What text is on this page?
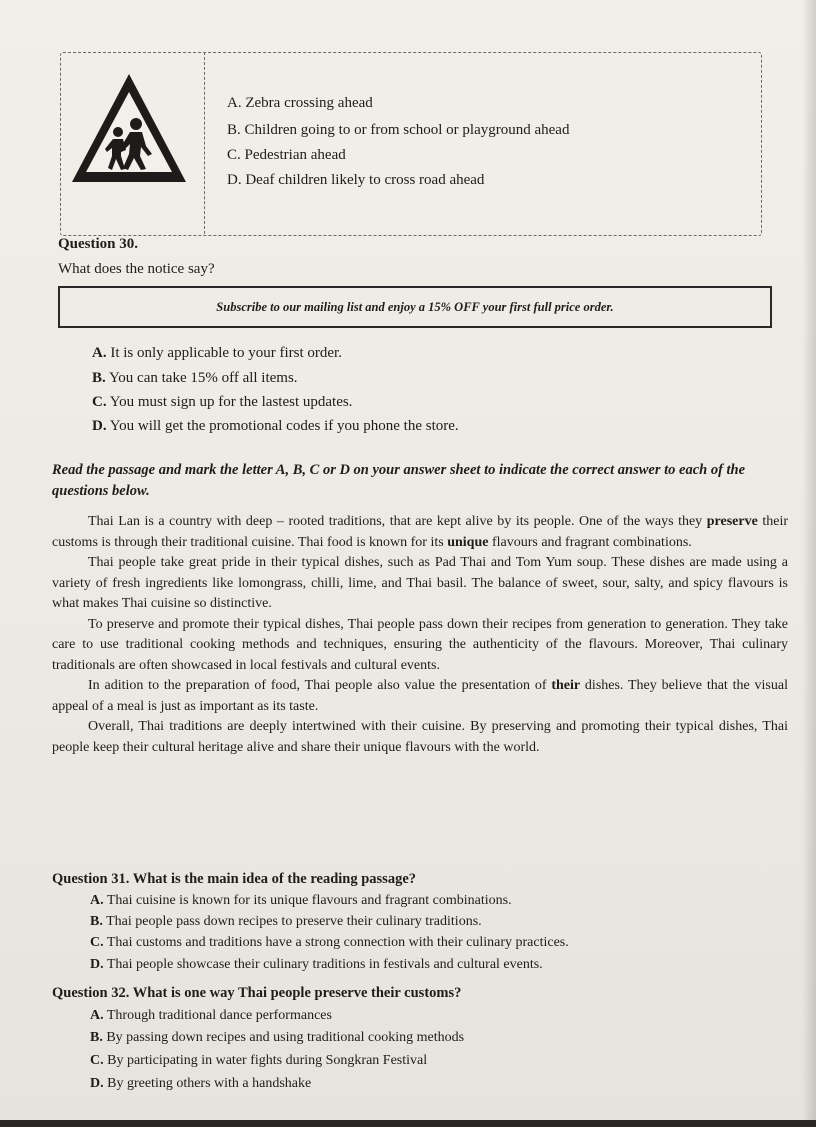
A. Zebra crossing ahead
B. Children going to or from school or playground ahead
C. Pedestrian ahead
D. Deaf children likely to cross road ahead
Question 30.
What does the notice say?
Subscribe to our mailing list and enjoy a 15% OFF your first full price order.
A. It is only applicable to your first order.
B. You can take 15% off all items.
C. You must sign up for the lastest updates.
D. You will get the promotional codes if you phone the store.
Read the passage and mark the letter A, B, C or D on your answer sheet to indicate the correct answer to each of the questions below.

Thai Lan is a country with deep – rooted traditions, that are kept alive by its people. One of the ways they preserve their customs is through their traditional cuisine. Thai food is known for its unique flavours and fragrant combinations.

Thai people take great pride in their typical dishes, such as Pad Thai and Tom Yum soup. These dishes are made using a variety of fresh ingredients like lomongrass, chilli, lime, and Thai basil. The balance of sweet, sour, salty, and spicy flavours is what makes Thai cuisine so distinctive.

To preserve and promote their typical dishes, Thai people pass down their recipes from generation to generation. They take care to use traditional cooking methods and techniques, ensuring the authenticity of the flavours. Moreover, Thai culinary traditionals are often showcased in local festivals and cultural events.

In adition to the preparation of food, Thai people also value the presentation of their dishes. They believe that the visual appeal of a meal is just as important as its taste.

Overall, Thai traditions are deeply intertwined with their cuisine. By preserving and promoting their typical dishes, Thai people keep their cultural heritage alive and share their unique flavours with the world.

Question 31. What is the main idea of the reading passage?
A. Thai cuisine is known for its unique flavours and fragrant combinations.
B. Thai people pass down recipes to preserve their culinary traditions.
C. Thai customs and traditions have a strong connection with their culinary practices.
D. Thai people showcase their culinary traditions in festivals and cultural events.
Question 32. What is one way Thai people preserve their customs?
A. Through traditional dance performances
B. By passing down recipes and using traditional cooking methods
C. By participating in water fights during Songkran Festival
D. By greeting others with a handshake
